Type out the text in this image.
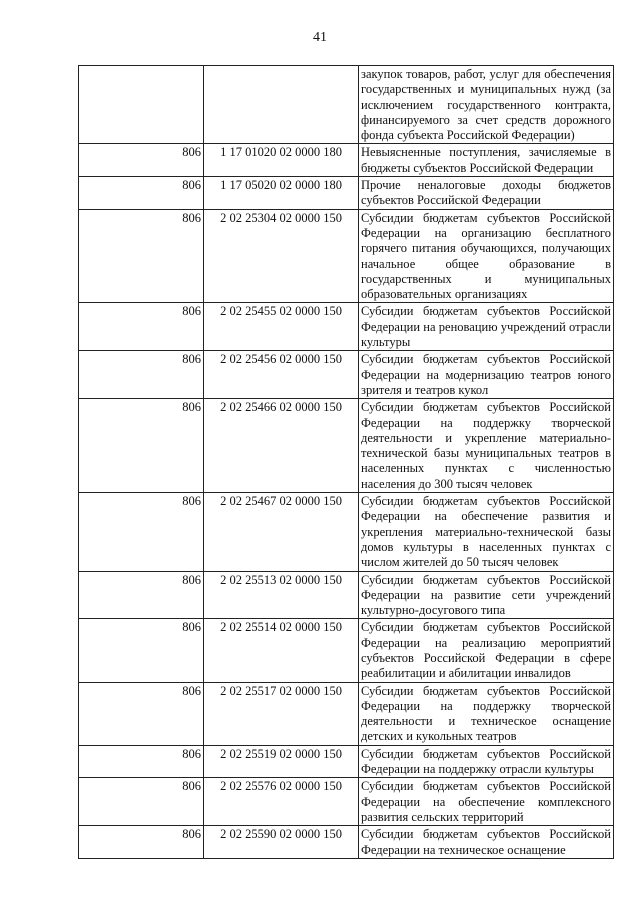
41
		закупок товаров, работ, услуг для обеспечения государственных и муниципальных нужд (за исключением государственного контракта, финансируемого за счет средств дорожного фонда субъекта Российской Федерации)
806	1 17 01020 02 0000 180	Невыясненные поступления, зачисляемые в бюджеты субъектов Российской Федерации
806	1 17 05020 02 0000 180	Прочие неналоговые доходы бюджетов субъектов Российской Федерации
806	2 02 25304 02 0000 150	Субсидии бюджетам субъектов Российской Федерации на организацию бесплатного горячего питания обучающихся, получающих начальное общее образование в государственных и муниципальных образовательных организациях
806	2 02 25455 02 0000 150	Субсидии бюджетам субъектов Российской Федерации на реновацию учреждений отрасли культуры
806	2 02 25456 02 0000 150	Субсидии бюджетам субъектов Российской Федерации на модернизацию театров юного зрителя и театров кукол
806	2 02 25466 02 0000 150	Субсидии бюджетам субъектов Российской Федерации на поддержку творческой деятельности и укрепление материально-технической базы муниципальных театров в населенных пунктах с численностью населения до 300 тысяч человек
806	2 02 25467 02 0000 150	Субсидии бюджетам субъектов Российской Федерации на обеспечение развития и укрепления материально-технической базы домов культуры в населенных пунктах с числом жителей до 50 тысяч человек
806	2 02 25513 02 0000 150	Субсидии бюджетам субъектов Российской Федерации на развитие сети учреждений культурно-досугового типа
806	2 02 25514 02 0000 150	Субсидии бюджетам субъектов Российской Федерации на реализацию мероприятий субъектов Российской Федерации в сфере реабилитации и абилитации инвалидов
806	2 02 25517 02 0000 150	Субсидии бюджетам субъектов Российской Федерации на поддержку творческой деятельности и техническое оснащение детских и кукольных театров
806	2 02 25519 02 0000 150	Субсидии бюджетам субъектов Российской Федерации на поддержку отрасли культуры
806	2 02 25576 02 0000 150	Субсидии бюджетам субъектов Российской Федерации на обеспечение комплексного развития сельских территорий
806	2 02 25590 02 0000 150	Субсидии бюджетам субъектов Российской Федерации на техническое оснащение
